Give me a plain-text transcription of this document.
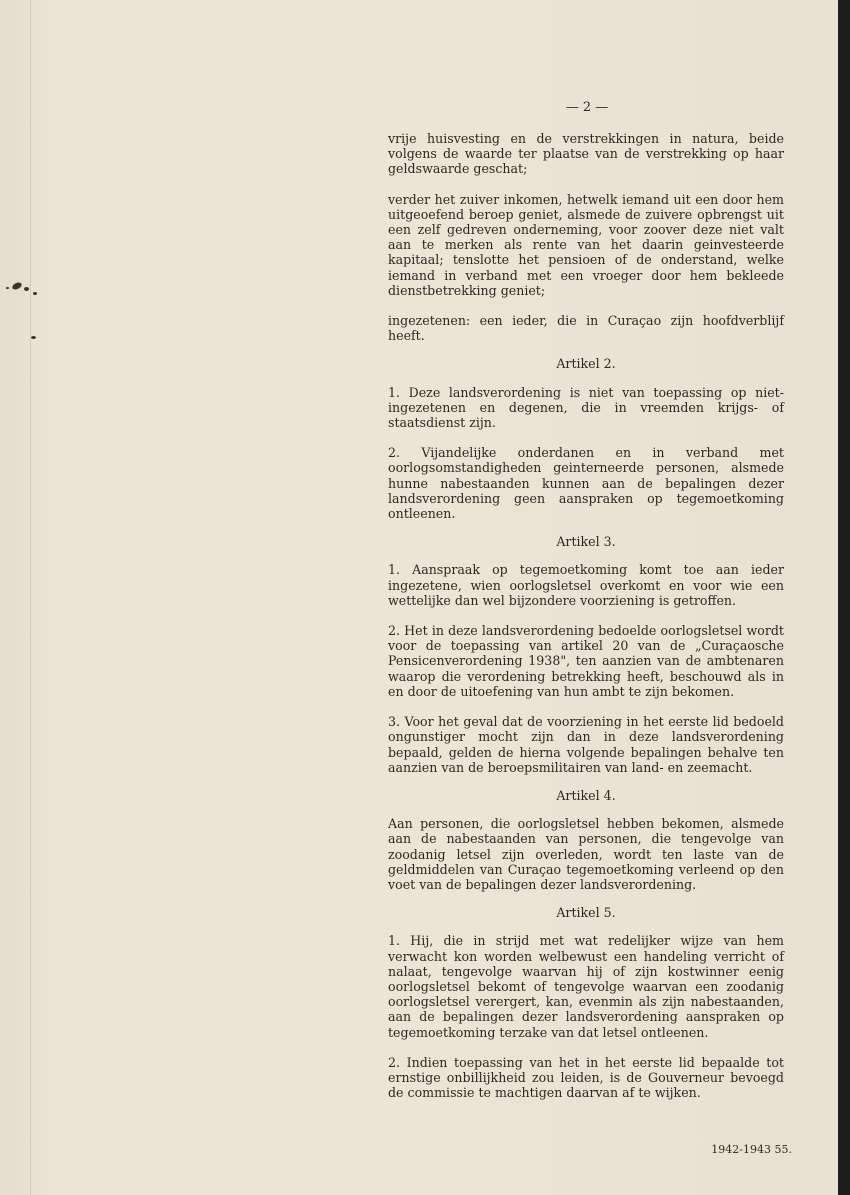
— 2 —

vrije huisvesting en de verstrekkingen in natura, beide volgens de waarde ter plaatse van de verstrekking op haar geldswaarde geschat;

verder het zuiver inkomen, hetwelk iemand uit een door hem uitgeoefend beroep geniet, alsmede de zuivere opbrengst uit een zelf gedreven onderneming, voor zoover deze niet valt aan te merken als rente van het daarin geinvesteerde kapitaal; tenslotte het pensioen of de onderstand, welke iemand in verband met een vroeger door hem bekleede dienstbetrekking geniet;

ingezetenen: een ieder, die in Curaçao zijn hoofdverblijf heeft.

Artikel 2.

1. Deze landsverordening is niet van toepassing op niet-ingezetenen en degenen, die in vreemden krijgs- of staatsdienst zijn.

2. Vijandelijke onderdanen en in verband met oorlogsomstandigheden geinterneerde personen, alsmede hunne nabestaanden kunnen aan de bepalingen dezer landsverordening geen aanspraken op tegemoetkoming ontleenen.

Artikel 3.

1. Aanspraak op tegemoetkoming komt toe aan ieder ingezetene, wien oorlogsletsel overkomt en voor wie een wettelijke dan wel bijzondere voorziening is getroffen.

2. Het in deze landsverordening bedoelde oorlogsletsel wordt voor de toepassing van artikel 20 van de „Curaçaosche Pensicenverordening 1938", ten aanzien van de ambtenaren waarop die verordening betrekking heeft, beschouwd als in en door de uitoefening van hun ambt te zijn bekomen.

3. Voor het geval dat de voorziening in het eerste lid bedoeld ongunstiger mocht zijn dan in deze landsverordening bepaald, gelden de hierna volgende bepalingen behalve ten aanzien van de beroepsmilitairen van land- en zeemacht.

Artikel 4.

Aan personen, die oorlogsletsel hebben bekomen, alsmede aan de nabestaanden van personen, die tengevolge van zoodanig letsel zijn overleden, wordt ten laste van de geldmiddelen van Curaçao tegemoetkoming verleend op den voet van de bepalingen dezer landsverordening.

Artikel 5.

1. Hij, die in strijd met wat redelijker wijze van hem verwacht kon worden welbewust een handeling verricht of nalaat, tengevolge waarvan hij of zijn kostwinner eenig oorlogsletsel bekomt of tengevolge waarvan een zoodanig oorlogsletsel verergert, kan, evenmin als zijn nabestaanden, aan de bepalingen dezer landsverordening aanspraken op tegemoetkoming terzake van dat letsel ontleenen.

2. Indien toepassing van het in het eerste lid bepaalde tot ernstige onbillijkheid zou leiden, is de Gouverneur bevoegd de commissie te machtigen daarvan af te wijken.

1942-1943 55.
